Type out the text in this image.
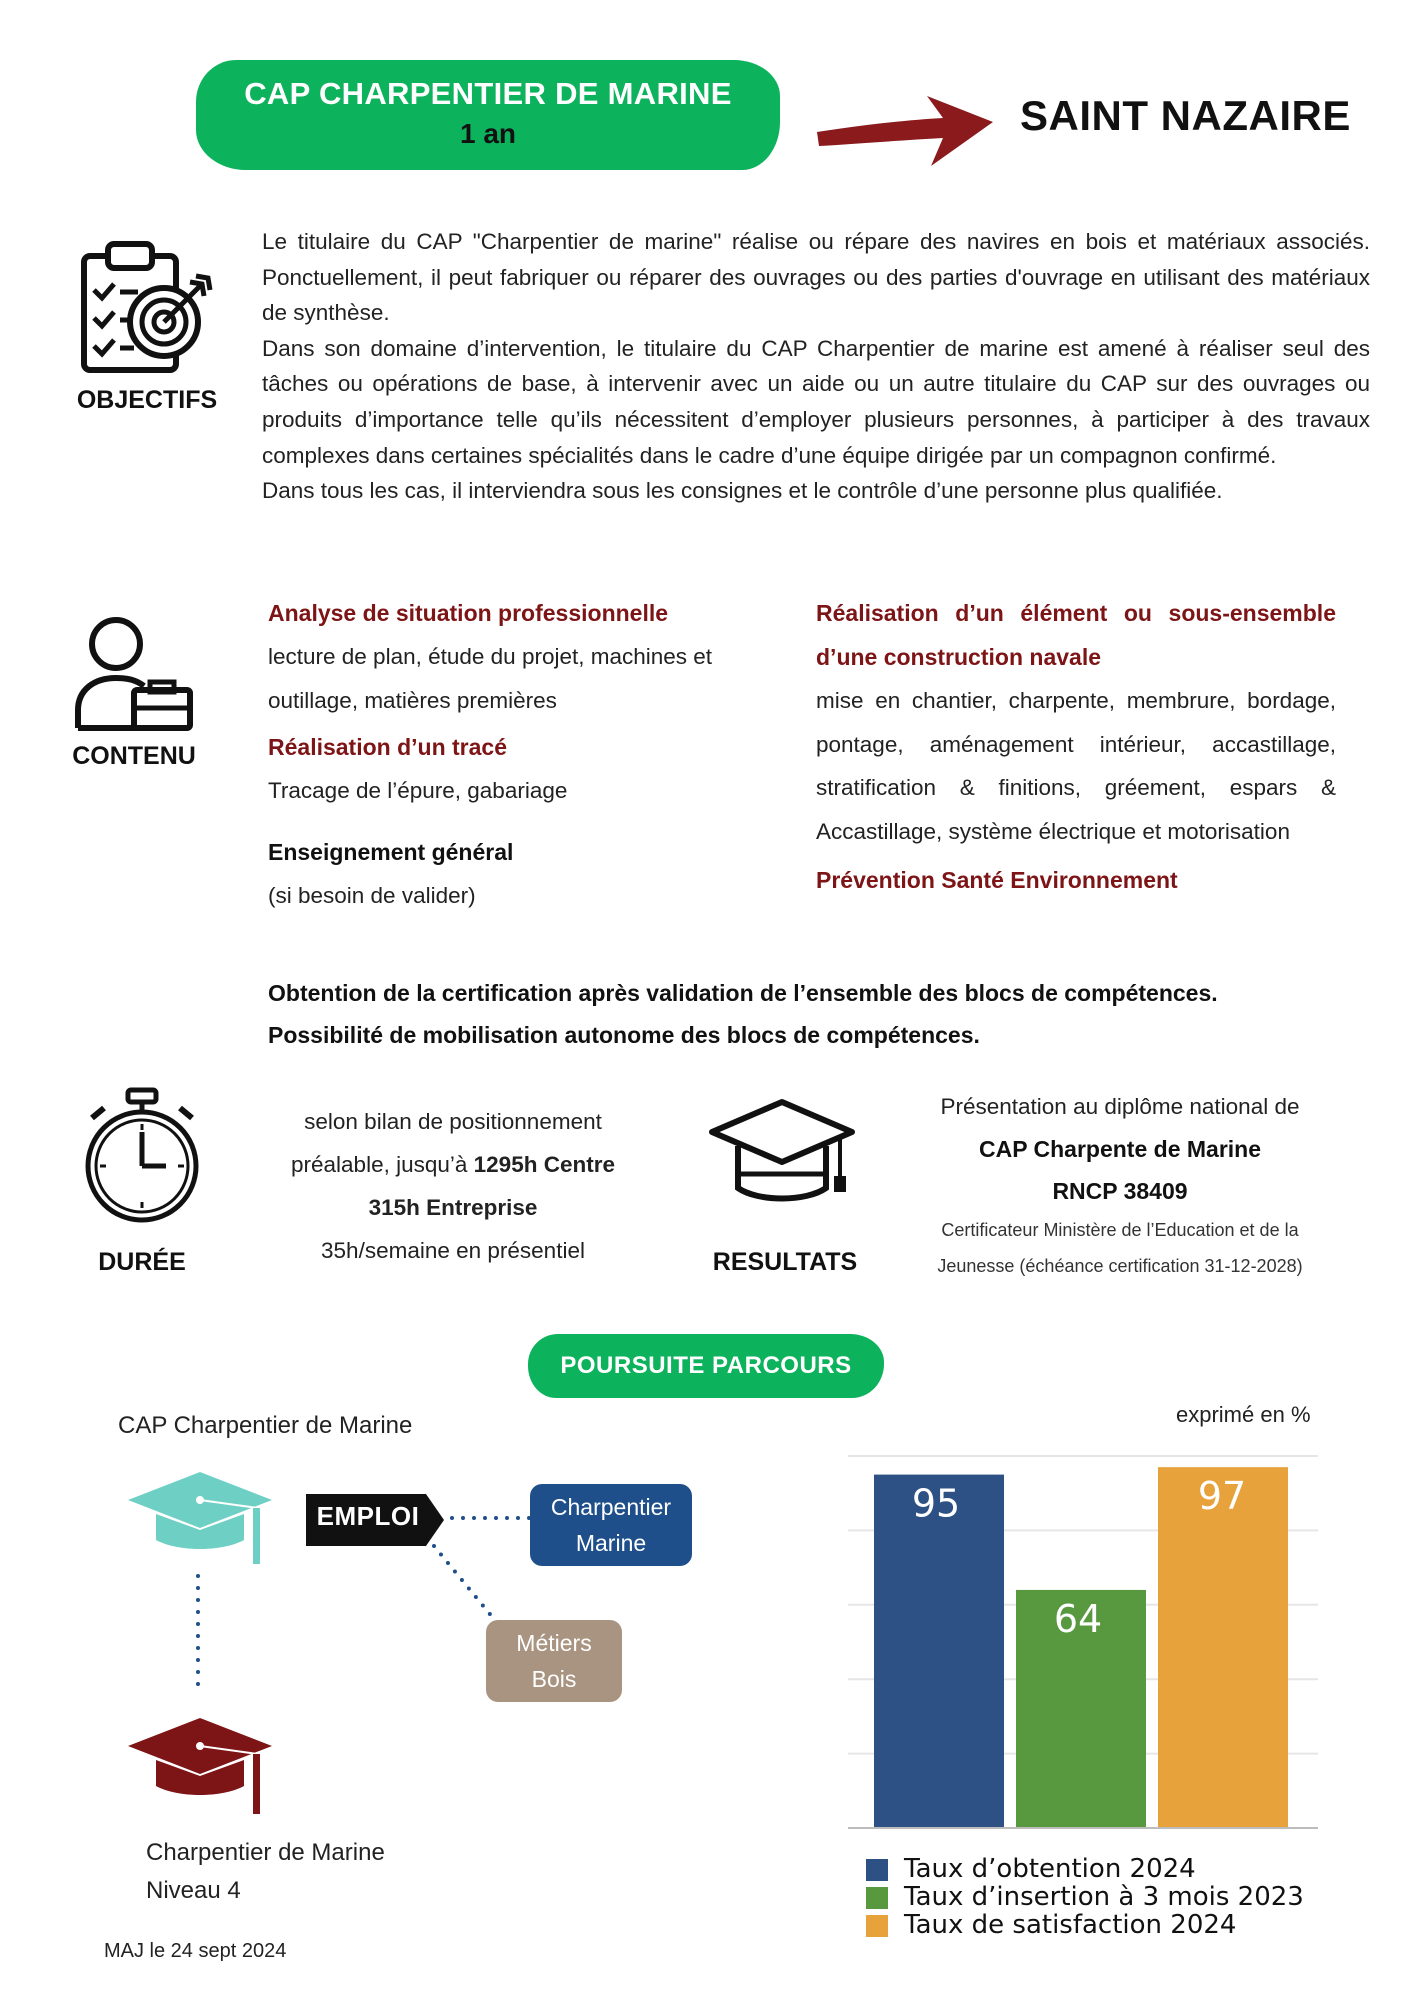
CAP CHARPENTIER DE MARINE
1 an	SAINT NAZAIRE
OBJECTIFS
Le titulaire du CAP "Charpentier de marine" réalise ou répare des navires en bois et matériaux associés. Ponctuellement, il peut fabriquer ou réparer des ouvrages ou des parties d'ouvrage en utilisant des matériaux de synthèse.
Dans son domaine d’intervention, le titulaire du CAP Charpentier de marine est amené à réaliser seul des tâches ou opérations de base, à intervenir avec un aide ou un autre titulaire du CAP sur des ouvrages ou produits d’importance telle qu’ils nécessitent d’employer plusieurs personnes, à participer à des travaux complexes dans certaines spécialités dans le cadre d’une équipe dirigée par un compagnon confirmé.
Dans tous les cas, il interviendra sous les consignes et le contrôle d’une personne plus qualifiée.
CONTENU
Analyse de situation professionnelle
lecture de plan, étude du projet, machines et outillage, matières premières
Réalisation d’un tracé
Tracage de l’épure, gabariage
Enseignement général
(si besoin de valider)
Réalisation d’un élément ou sous-ensemble d’une construction navale
mise en chantier, charpente, membrure, bordage, pontage, aménagement intérieur, accastillage, stratification & finitions, gréement, espars & Accastillage, système électrique et motorisation
Prévention Santé Environnement
Obtention de la certification après validation de l’ensemble des blocs de compétences.
Possibilité de mobilisation autonome des blocs de compétences.
DURÉE
selon bilan de positionnement
préalable, jusqu’à 1295h Centre
315h Entreprise
35h/semaine en présentiel	RESULTATS
Présentation au diplôme national de
CAP Charpente de Marine
RNCP 38409
Certificateur Ministère de l’Education et de la
Jeunesse (échéance certification 31-12-2028)
POURSUITE PARCOURS
CAP Charpentier de Marine
Charpentier de Marine
Niveau 4
EMPLOI	Charpentier
Marine
Métiers
Bois
exprimé en %
95
64
97
Taux d’obtention 2024
Taux d’insertion à 3 mois 2023
Taux de satisfaction 2024
MAJ le 24 sept 2024
